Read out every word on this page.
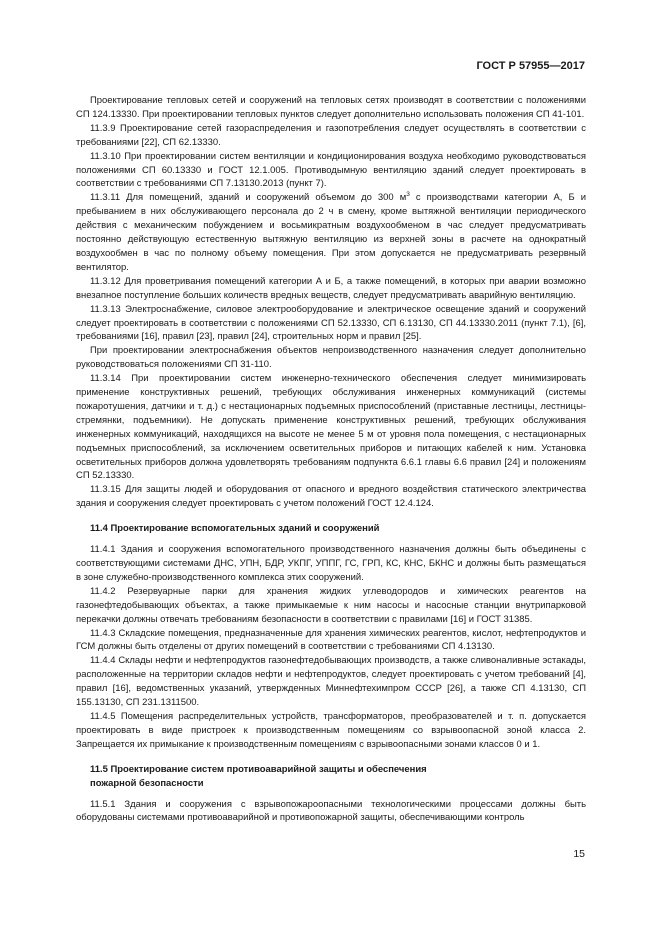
ГОСТ Р 57955—2017

Проектирование тепловых сетей и сооружений на тепловых сетях производят в соответствии с положениями СП 124.13330. При проектировании тепловых пунктов следует дополнительно использовать положения СП 41-101.

11.3.9 Проектирование сетей газораспределения и газопотребления следует осуществлять в соответствии с требованиями [22], СП 62.13330.

11.3.10 При проектировании систем вентиляции и кондиционирования воздуха необходимо руководствоваться положениями СП 60.13330 и ГОСТ 12.1.005. Противодымную вентиляцию зданий следует проектировать в соответствии с требованиями СП 7.13130.2013 (пункт 7).

11.3.11 Для помещений, зданий и сооружений объемом до 300 $м^3$ с производствами категории А, Б и пребыванием в них обслуживающего персонала до 2 ч в смену, кроме вытяжной вентиляции периодического действия с механическим побуждением и восьмикратным воздухообменом в час следует предусматривать постоянно действующую естественную вытяжную вентиляцию из верхней зоны в расчете на однократный воздухообмен в час по полному объему помещения. При этом допускается не предусматривать резервный вентилятор.

11.3.12 Для проветривания помещений категории А и Б, а также помещений, в которых при аварии возможно внезапное поступление больших количеств вредных веществ, следует предусматривать аварийную вентиляцию.

11.3.13 Электроснабжение, силовое электрооборудование и электрическое освещение зданий и сооружений следует проектировать в соответствии с положениями СП 52.13330, СП 6.13130, СП 44.13330.2011 (пункт 7.1), [6], требованиями [16], правил [23], правил [24], строительных норм и правил [25].

При проектировании электроснабжения объектов непроизводственного назначения следует дополнительно руководствоваться положениями СП 31-110.

11.3.14 При проектировании систем инженерно-технического обеспечения следует минимизировать применение конструктивных решений, требующих обслуживания инженерных коммуникаций (системы пожаротушения, датчики и т. д.) с нестационарных подъемных приспособлений (приставные лестницы, лестницы-стремянки, подъемники). Не допускать применение конструктивных решений, требующих обслуживания инженерных коммуникаций, находящихся на высоте не менее 5 м от уровня пола помещения, с нестационарных подъемных приспособлений, за исключением осветительных приборов и питающих кабелей к ним. Установка осветительных приборов должна удовлетворять требованиям подпункта 6.6.1 главы 6.6 правил [24] и положениям СП 52.13330.

11.3.15 Для защиты людей и оборудования от опасного и вредного воздействия статического электричества здания и сооружения следует проектировать с учетом положений ГОСТ 12.4.124.

11.4 Проектирование вспомогательных зданий и сооружений

11.4.1 Здания и сооружения вспомогательного производственного назначения должны быть объединены с соответствующими системами ДНС, УПН, БДР, УКПГ, УППГ, ГС, ГРП, КС, КНС, БКНС и должны быть размещаться в зоне служебно-производственного комплекса этих сооружений.

11.4.2 Резервуарные парки для хранения жидких углеводородов и химических реагентов на газонефтедобывающих объектах, а также примыкаемые к ним насосы и насосные станции внутрипарковой перекачки должны отвечать требованиям безопасности в соответствии с правилами [16] и ГОСТ 31385.

11.4.3 Складские помещения, предназначенные для хранения химических реагентов, кислот, нефтепродуктов и ГСМ должны быть отделены от других помещений в соответствии с требованиями СП 4.13130.

11.4.4 Склады нефти и нефтепродуктов газонефтедобывающих производств, а также сливоналивные эстакады, расположенные на территории складов нефти и нефтепродуктов, следует проектировать с учетом требований [4], правил [16], ведомственных указаний, утвержденных Миннефтехимпром СССР [26], а также СП 4.13130, СП 155.13130, СП 231.1311500.

11.4.5 Помещения распределительных устройств, трансформаторов, преобразователей и т. п. допускается проектировать в виде пристроек к производственным помещениям со взрывоопасной зоной класса 2. Запрещается их примыкание к производственным помещениям с взрывоопасными зонами классов 0 и 1.

11.5 Проектирование систем противоаварийной защиты и обеспечения
пожарной безопасности

11.5.1 Здания и сооружения с взрывопожароопасными технологическими процессами должны быть оборудованы системами противоаварийной и противопожарной защиты, обеспечивающими контроль

15
